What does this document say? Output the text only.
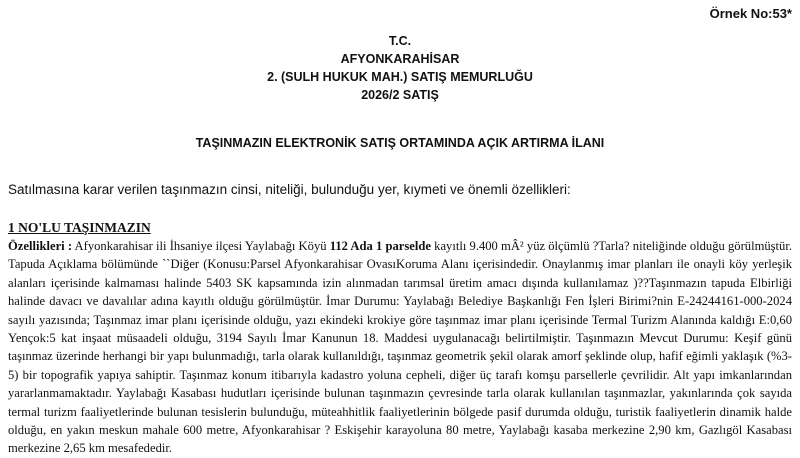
Örnek No:53*
T.C.
AFYONKARAHİSAR
2. (SULH HUKUK MAH.) SATIŞ MEMURLUĞU
2026/2 SATIŞ
TAŞINMAZIN ELEKTRONİK SATIŞ ORTAMINDA AÇIK ARTIRMA İLANI
Satılmasına karar verilen taşınmazın cinsi, niteliği, bulunduğu yer, kıymeti ve önemli özellikleri:
1 NO'LU TAŞINMAZIN
Özellikleri : Afyonkarahisar ili İhsaniye ilçesi Yaylabağı Köyü 112 Ada 1 parselde kayıtlı 9.400 mÂ² yüz ölçümlü ?Tarla? niteliğinde olduğu görülmüştür. Tapuda Açıklama bölümünde ``Diğer (Konusu:Parsel Afyonkarahisar OvasıKoruma Alanı içerisindedir. Onaylanmış imar planları ile onayli köy yerleşik alanları içerisinde kalmaması halinde 5403 SK kapsamında izin alınmadan tarımsal üretim amacı dışında kullanılamaz )??Taşınmazın tapuda Elbirliği halinde davacı ve davalılar adına kayıtlı olduğu görülmüştür. İmar Durumu: Yaylabağı Belediye Başkanlığı Fen İşleri Birimi?nin E-24244161-000-2024 sayılı yazısında; Taşınmaz imar planı içerisinde olduğu, yazı ekindeki krokiye göre taşınmaz imar planı içerisinde Termal Turizm Alanında kaldığı E:0,60 Yençok:5 kat inşaat müsaadeli olduğu, 3194 Sayılı İmar Kanunun 18. Maddesi uygulanacağı belirtilmiştir. Taşınmazın Mevcut Durumu: Keşif günü taşınmaz üzerinde herhangi bir yapı bulunmadığı, tarla olarak kullanıldığı, taşınmaz geometrik şekil olarak amorf şeklinde olup, hafif eğimli yaklaşık (%3-5) bir topografik yapıya sahiptir. Taşınmaz konum itibarıyla kadastro yoluna cepheli, diğer üç tarafı komşu parsellerle çevrilidir. Alt yapı imkanlarından yararlanmamaktadır. Yaylabağı Kasabası hudutları içerisinde bulunan taşınmazın çevresinde tarla olarak kullanılan taşınmazlar, yakınlarında çok sayıda termal turizm faaliyetlerinde bulunan tesislerin bulunduğu, müteahhitlik faaliyetlerinin bölgede pasif durumda olduğu, turistik faaliyetlerin dinamik halde olduğu, en yakın meskun mahale 600 metre, Afyonkarahisar ? Eskişehir karayoluna 80 metre, Yaylabağı kasaba merkezine 2,90 km, Gazlıgöl Kasabası merkezine 2,65 km mesafededir.
